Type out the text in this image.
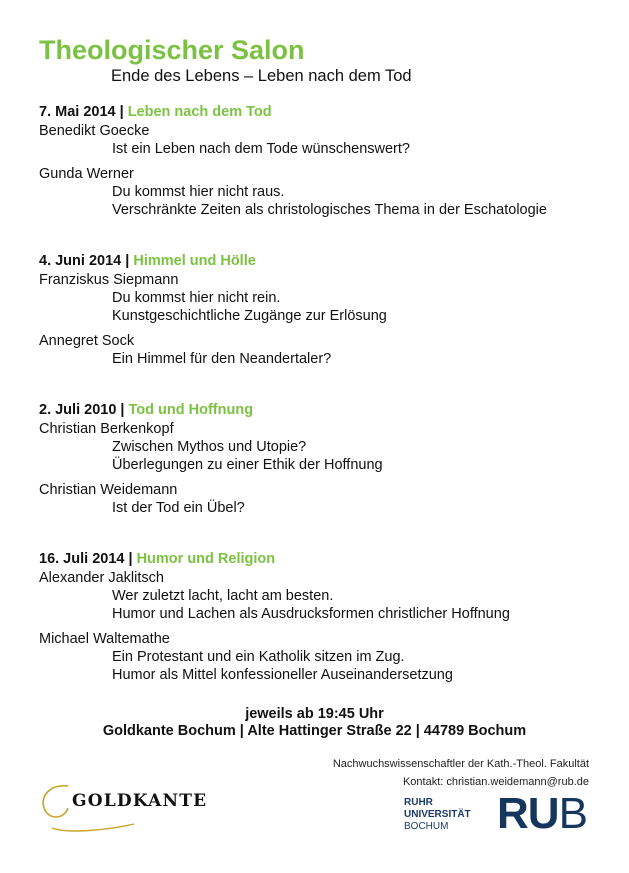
Theologischer Salon
Ende des Lebens – Leben nach dem Tod
7. Mai 2014 | Leben nach dem Tod
Benedikt Goecke
Ist ein Leben nach dem Tode wünschenswert?
Gunda Werner
Du kommst hier nicht raus.
Verschränkte Zeiten als christologisches Thema in der Eschatologie
4. Juni 2014 | Himmel und Hölle
Franziskus Siepmann
Du kommst hier nicht rein.
Kunstgeschichtliche Zugänge zur Erlösung
Annegret Sock
Ein Himmel für den Neandertaler?
2. Juli 2010 | Tod und Hoffnung
Christian Berkenkopf
Zwischen Mythos und Utopie?
Überlegungen zu einer Ethik der Hoffnung
Christian Weidemann
Ist der Tod ein Übel?
16. Juli 2014 | Humor und Religion
Alexander Jaklitsch
Wer zuletzt lacht, lacht am besten.
Humor und Lachen als Ausdrucksformen christlicher Hoffnung
Michael Waltemathe
Ein Protestant und ein Katholik sitzen im Zug.
Humor als Mittel konfessioneller Auseinandersetzung
jeweils ab 19:45 Uhr
Goldkante Bochum | Alte Hattinger Straße 22 | 44789 Bochum
Nachwuchswissenschaftler der Kath.-Theol. Fakultät
Kontakt: christian.weidemann@rub.de
GOLDKANTE	RUHR
UNIVERSITÄT
BOCHUM	RUB
